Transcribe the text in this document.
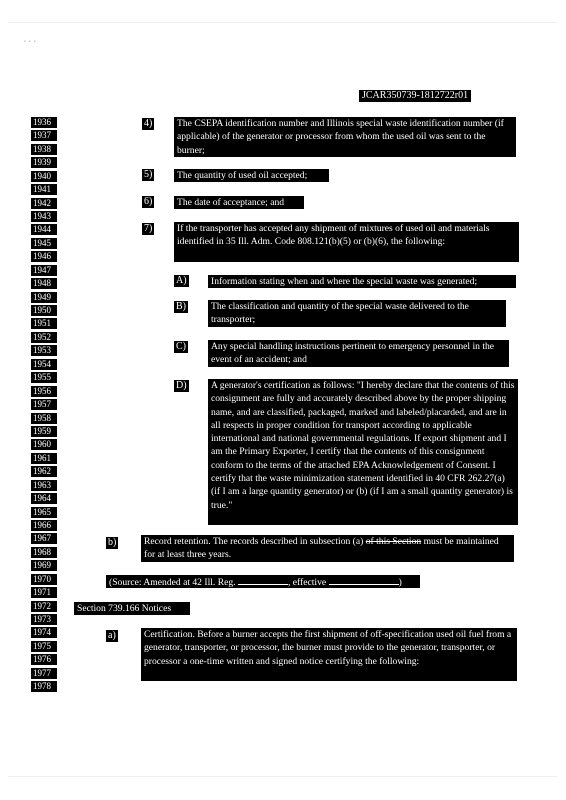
• • •
JCAR350739-1812722r01
1936
1937
1938
1939
1940
1941
1942
1943
1944
1945
1946
1947
1948
1949
1950
1951
1952
1953
1954
1955
1956
1957
1958
1959
1960
1961
1962
1963
1964
1965
1966
1967
1968
1969
1970
1971
1972
1973
1974
1975
1976
1977
1978
4)	The CSEPA identification number and Illinois special waste identification number (if applicable) of the generator or processor from whom the used oil was sent to the burner;
5)	The quantity of used oil accepted;
6)	The date of acceptance; and
7)	If the transporter has accepted any shipment of mixtures of used oil and materials identified in 35 Ill. Adm. Code 808.121(b)(5) or (b)(6), the following:
A)	Information stating when and where the special waste was generated;
B)	The classification and quantity of the special waste delivered to the transporter;
C)	Any special handling instructions pertinent to emergency personnel in the event of an accident; and
D)	A generator's certification as follows: "I hereby declare that the contents of this consignment are fully and accurately described above by the proper shipping name, and are classified, packaged, marked and labeled/placarded, and are in all respects in proper condition for transport according to applicable international and national governmental regulations. If export shipment and I am the Primary Exporter, I certify that the contents of this consignment conform to the terms of the attached EPA Acknowledgement of Consent. I certify that the waste minimization statement identified in 40 CFR 262.27(a) (if I am a large quantity generator) or (b) (if I am a small quantity generator) is true."
b)	Record retention. The records described in subsection (a) of this Section must be maintained for at least three years.
(Source: Amended at 42 Ill. Reg.	, effective	)
Section 739.166 Notices
a)	Certification. Before a burner accepts the first shipment of off-specification used oil fuel from a generator, transporter, or processor, the burner must provide to the generator, transporter, or processor a one-time written and signed notice certifying the following:
